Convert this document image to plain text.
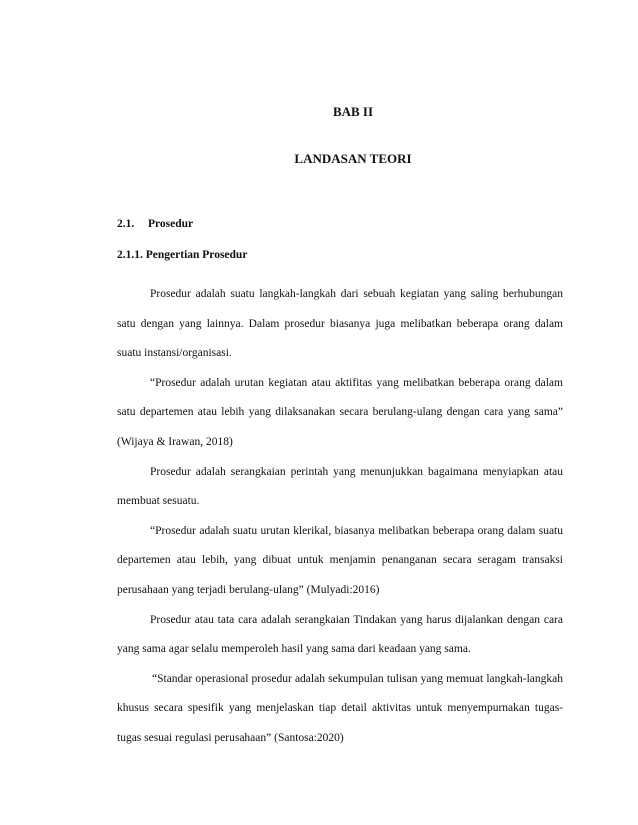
BAB II
LANDASAN TEORI
2.1. Prosedur
2.1.1. Pengertian Prosedur

Prosedur adalah suatu langkah-langkah dari sebuah kegiatan yang saling berhubungan satu dengan yang lainnya. Dalam prosedur biasanya juga melibatkan beberapa orang dalam suatu instansi/organisasi.

“Prosedur adalah urutan kegiatan atau aktifitas yang melibatkan beberapa orang dalam satu departemen atau lebih yang dilaksanakan secara berulang-ulang dengan cara yang sama” (Wijaya & Irawan, 2018)

Prosedur adalah serangkaian perintah yang menunjukkan bagaimana menyiapkan atau membuat sesuatu.

“Prosedur adalah suatu urutan klerikal, biasanya melibatkan beberapa orang dalam suatu departemen atau lebih, yang dibuat untuk menjamin penanganan secara seragam transaksi perusahaan yang terjadi berulang-ulang” (Mulyadi:2016)

Prosedur atau tata cara adalah serangkaian Tindakan yang harus dijalankan dengan cara yang sama agar selalu memperoleh hasil yang sama dari keadaan yang sama.

“Standar operasional prosedur adalah sekumpulan tulisan yang memuat langkah-langkah khusus secara spesifik yang menjelaskan tiap detail aktivitas untuk menyempurnakan tugas-tugas sesuai regulasi perusahaan” (Santosa:2020)
